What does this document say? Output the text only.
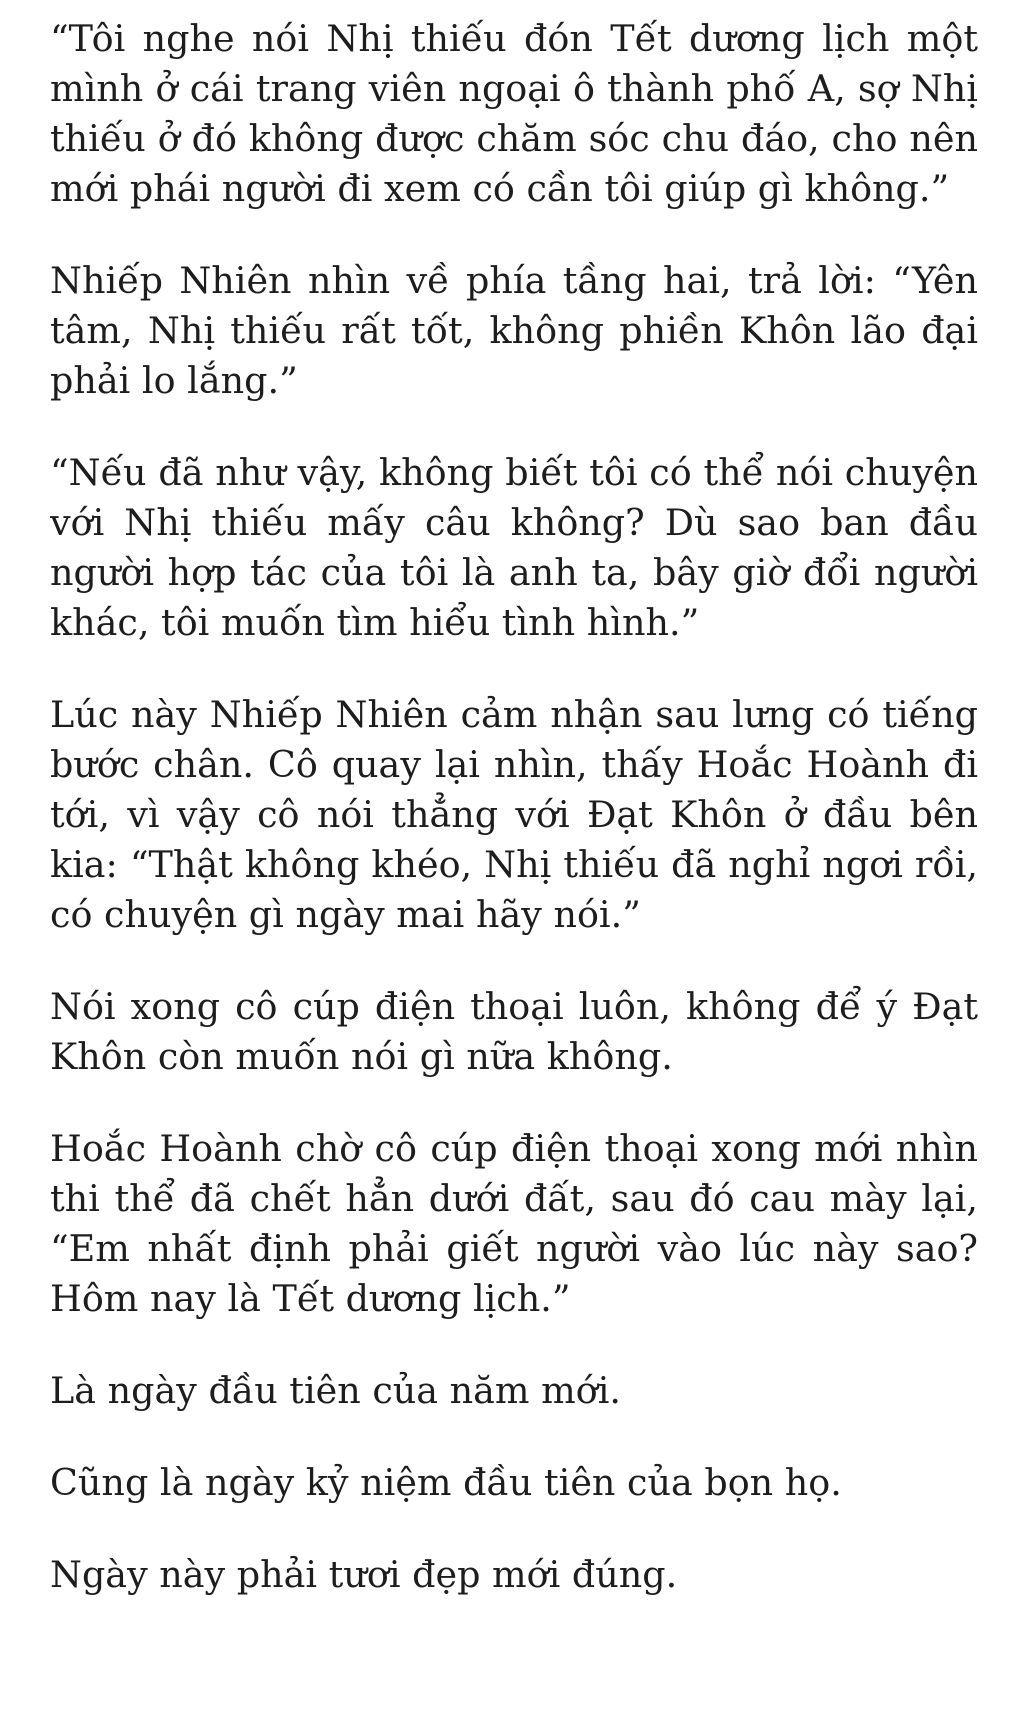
“Tôi nghe nói Nhị thiếu đón Tết dương lịch một mình ở cái trang viên ngoại ô thành phố A, sợ Nhị thiếu ở đó không được chăm sóc chu đáo, cho nên mới phái người đi xem có cần tôi giúp gì không.”

Nhiếp Nhiên nhìn về phía tầng hai, trả lời: “Yên tâm, Nhị thiếu rất tốt, không phiền Khôn lão đại phải lo lắng.”

“Nếu đã như vậy, không biết tôi có thể nói chuyện với Nhị thiếu mấy câu không? Dù sao ban đầu người hợp tác của tôi là anh ta, bây giờ đổi người khác, tôi muốn tìm hiểu tình hình.”

Lúc này Nhiếp Nhiên cảm nhận sau lưng có tiếng bước chân. Cô quay lại nhìn, thấy Hoắc Hoành đi tới, vì vậy cô nói thẳng với Đạt Khôn ở đầu bên kia: “Thật không khéo, Nhị thiếu đã nghỉ ngơi rồi, có chuyện gì ngày mai hãy nói.”

Nói xong cô cúp điện thoại luôn, không để ý Đạt Khôn còn muốn nói gì nữa không.

Hoắc Hoành chờ cô cúp điện thoại xong mới nhìn thi thể đã chết hẳn dưới đất, sau đó cau mày lại, “Em nhất định phải giết người vào lúc này sao? Hôm nay là Tết dương lịch.”

Là ngày đầu tiên của năm mới.

Cũng là ngày kỷ niệm đầu tiên của bọn họ.

Ngày này phải tươi đẹp mới đúng.
